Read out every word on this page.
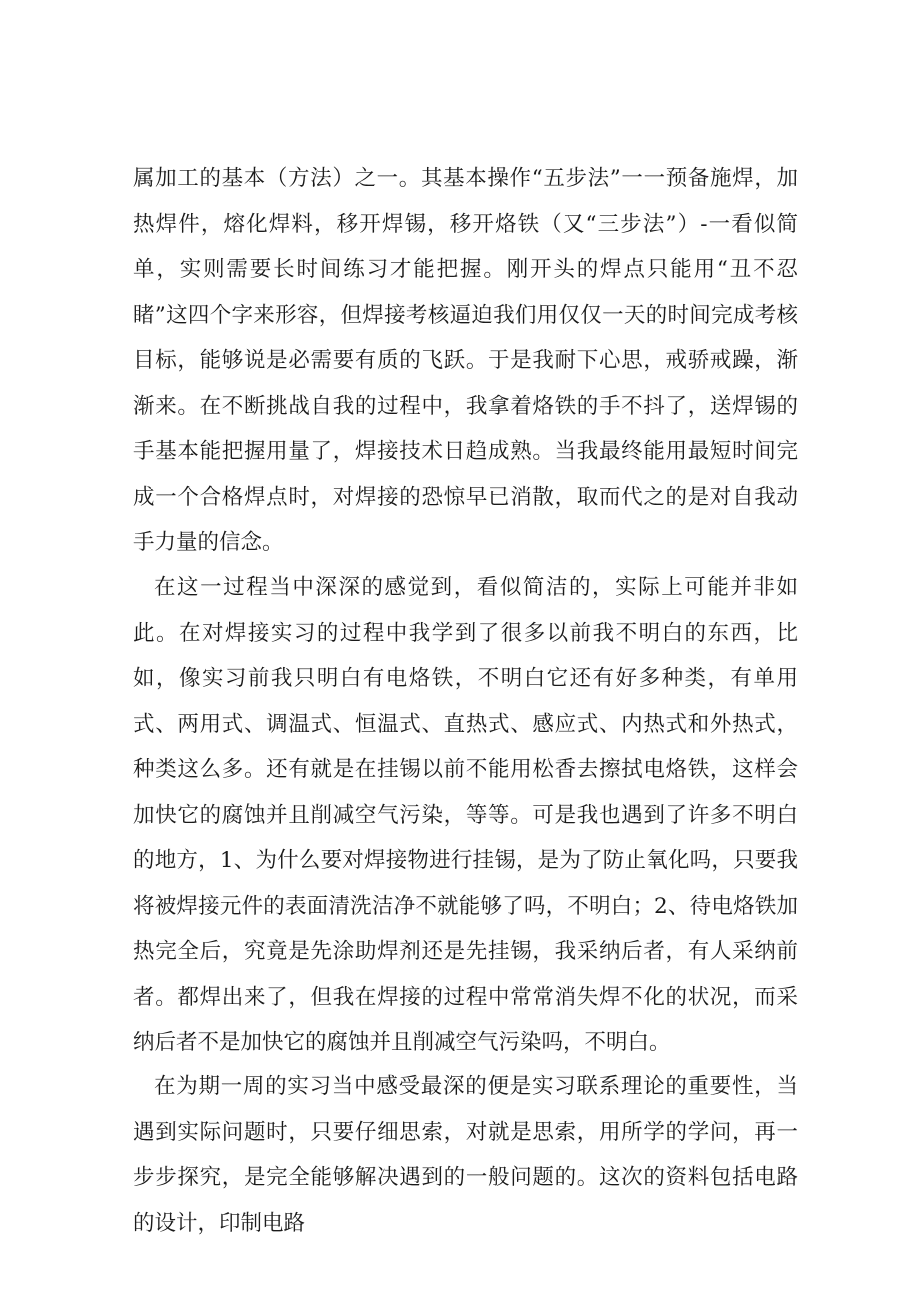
属加工的基本（方法）之一。其基本操作“五步法”一一预备施焊，加热焊件，熔化焊料，移开焊锡，移开烙铁（又“三步法”）-一看似简单，实则需要长时间练习才能把握。刚开头的焊点只能用“丑不忍睹”这四个字来形容，但焊接考核逼迫我们用仅仅一天的时间完成考核目标，能够说是必需要有质的飞跃。于是我耐下心思，戒骄戒躁，渐渐来。在不断挑战自我的过程中，我拿着烙铁的手不抖了，送焊锡的手基本能把握用量了，焊接技术日趋成熟。当我最终能用最短时间完成一个合格焊点时，对焊接的恐惊早已消散，取而代之的是对自我动手力量的信念。

在这一过程当中深深的感觉到，看似简洁的，实际上可能并非如此。在对焊接实习的过程中我学到了很多以前我不明白的东西，比如，像实习前我只明白有电烙铁，不明白它还有好多种类，有单用式、两用式、调温式、恒温式、直热式、感应式、内热式和外热式，种类这么多。还有就是在挂锡以前不能用松香去擦拭电烙铁，这样会加快它的腐蚀并且削减空气污染，等等。可是我也遇到了许多不明白的地方，1、为什么要对焊接物进行挂锡，是为了防止氧化吗，只要我将被焊接元件的表面清洗洁净不就能够了吗，不明白；2、待电烙铁加热完全后，究竟是先涂助焊剂还是先挂锡，我采纳后者，有人采纳前者。都焊出来了，但我在焊接的过程中常常消失焊不化的状况，而采纳后者不是加快它的腐蚀并且削减空气污染吗，不明白。

在为期一周的实习当中感受最深的便是实习联系理论的重要性，当遇到实际问题时，只要仔细思索，对就是思索，用所学的学问，再一步步探究，是完全能够解决遇到的一般问题的。这次的资料包括电路的设计，印制电路
